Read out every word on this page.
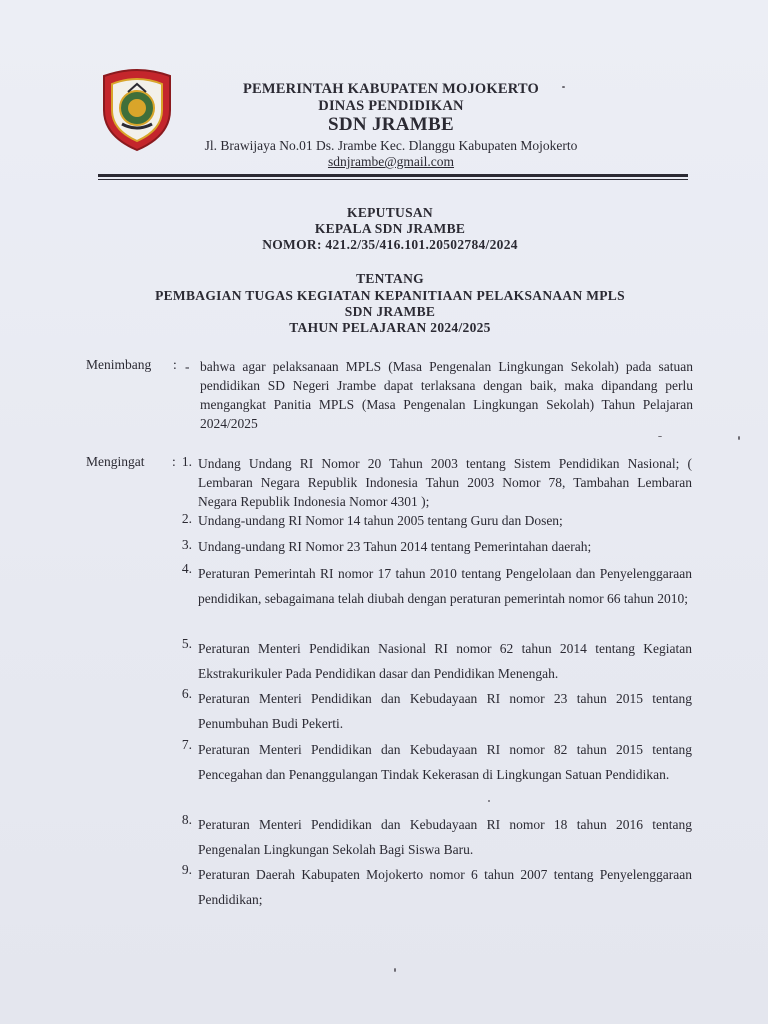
PEMERINTAH KABUPATEN MOJOKERTO
DINAS PENDIDIKAN
SDN JRAMBE
Jl. Brawijaya No.01 Ds. Jrambe Kec. Dlanggu Kabupaten Mojokerto
sdnjrambe@gmail.com
KEPUTUSAN
KEPALA SDN JRAMBE
NOMOR: 421.2/35/416.101.20502784/2024
TENTANG
PEMBAGIAN TUGAS KEGIATAN KEPANITIAAN PELAKSANAAN MPLS
SDN JRAMBE
TAHUN PELAJARAN 2024/2025
Menimbang : - bahwa agar pelaksanaan MPLS (Masa Pengenalan Lingkungan Sekolah) pada satuan pendidikan SD Negeri Jrambe dapat terlaksana dengan baik, maka dipandang perlu mengangkat Panitia MPLS (Masa Pengenalan Lingkungan Sekolah) Tahun Pelajaran 2024/2025
Mengingat : 1. Undang Undang RI Nomor 20 Tahun 2003 tentang Sistem Pendidikan Nasional; ( Lembaran Negara Republik Indonesia Tahun 2003 Nomor 78, Tambahan Lembaran Negara Republik Indonesia Nomor 4301 );
2. Undang-undang RI Nomor 14 tahun 2005 tentang Guru dan Dosen;
3. Undang-undang RI Nomor 23 Tahun 2014 tentang Pemerintahan daerah;
4. Peraturan Pemerintah RI nomor 17 tahun 2010 tentang Pengelolaan dan Penyelenggaraan pendidikan, sebagaimana telah diubah dengan peraturan pemerintah nomor 66 tahun 2010;
5. Peraturan Menteri Pendidikan Nasional RI nomor 62 tahun 2014 tentang Kegiatan Ekstrakurikuler Pada Pendidikan dasar dan Pendidikan Menengah.
6. Peraturan Menteri Pendidikan dan Kebudayaan RI nomor 23 tahun 2015 tentang Penumbuhan Budi Pekerti.
7. Peraturan Menteri Pendidikan dan Kebudayaan RI nomor 82 tahun 2015 tentang Pencegahan dan Penanggulangan Tindak Kekerasan di Lingkungan Satuan Pendidikan.
8. Peraturan Menteri Pendidikan dan Kebudayaan RI nomor 18 tahun 2016 tentang Pengenalan Lingkungan Sekolah Bagi Siswa Baru.
9. Peraturan Daerah Kabupaten Mojokerto nomor 6 tahun 2007 tentang Penyelenggaraan Pendidikan;
